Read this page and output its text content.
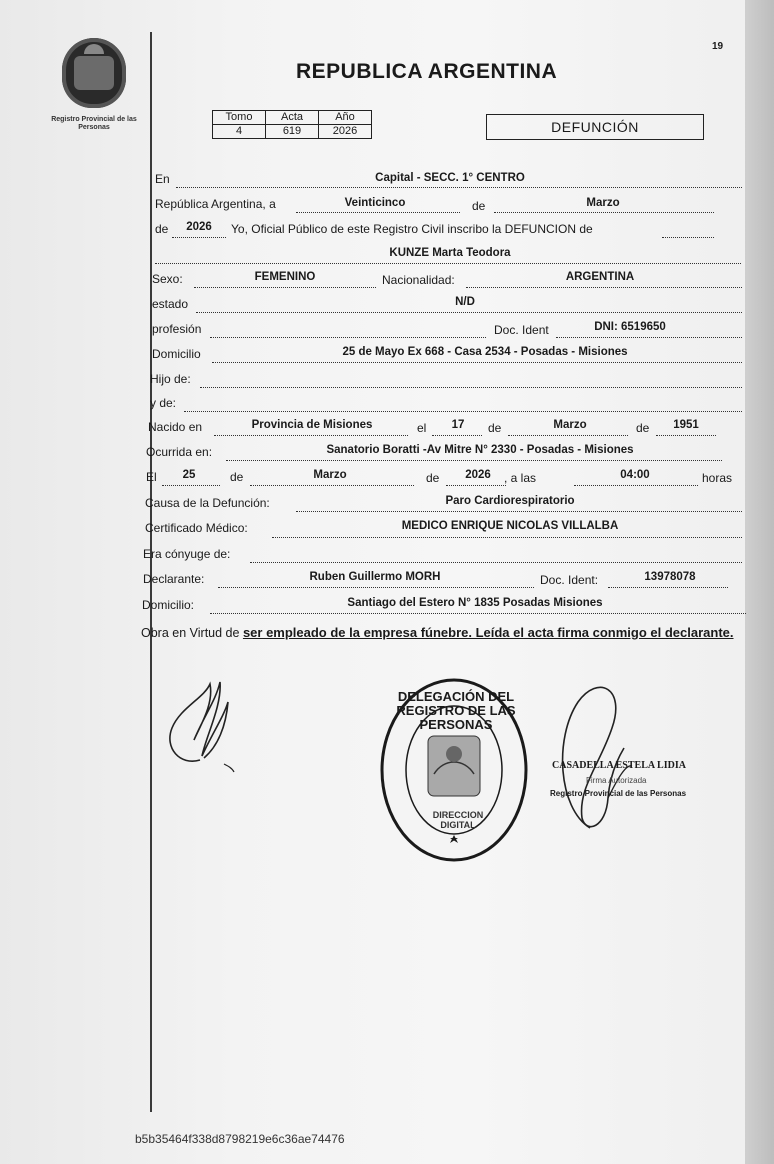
Registro Provincial de las Personas
19
REPUBLICA ARGENTINA
Tomo	Acta	Año
4	619	2026	DEFUNCIÓN
En	Capital - SECC. 1° CENTRO
República Argentina, a	Veinticinco	de	Marzo
de	2026	Yo, Oficial Público de este Registro Civil inscribo la DEFUNCION de
KUNZE Marta Teodora
Sexo:	FEMENINO	Nacionalidad:	ARGENTINA
estado	N/D
profesión	Doc. Ident	DNI: 6519650
Domicilio	25 de Mayo Ex 668 - Casa 2534 - Posadas - Misiones
Hijo de:
y de:
Nacido en	Provincia de Misiones	el	17	de	Marzo	de	1951
Ocurrida en:	Sanatorio Boratti -Av Mitre N° 2330 - Posadas - Misiones
El	25	de	Marzo	de	2026	, a las	04:00	horas
Causa de la Defunción:	Paro Cardiorespiratorio
Certificado Médico:	MEDICO ENRIQUE NICOLAS VILLALBA
Era cónyuge de:
Declarante:	Ruben Guillermo MORH	Doc. Ident:	13978078
Domicilio:	Santiago del Estero N° 1835 Posadas Misiones
Obra en Virtud de ser empleado de la empresa fúnebre. Leída el acta firma conmigo el declarante.
DELEGACIÓN DEL REGISTRO DE LAS PERSONAS
DIRECCION DIGITAL
CASADELLA ESTELA LIDIA
Firma Autorizada
Registro Provincial de las Personas
b5b35464f338d8798219e6c36ae74476
